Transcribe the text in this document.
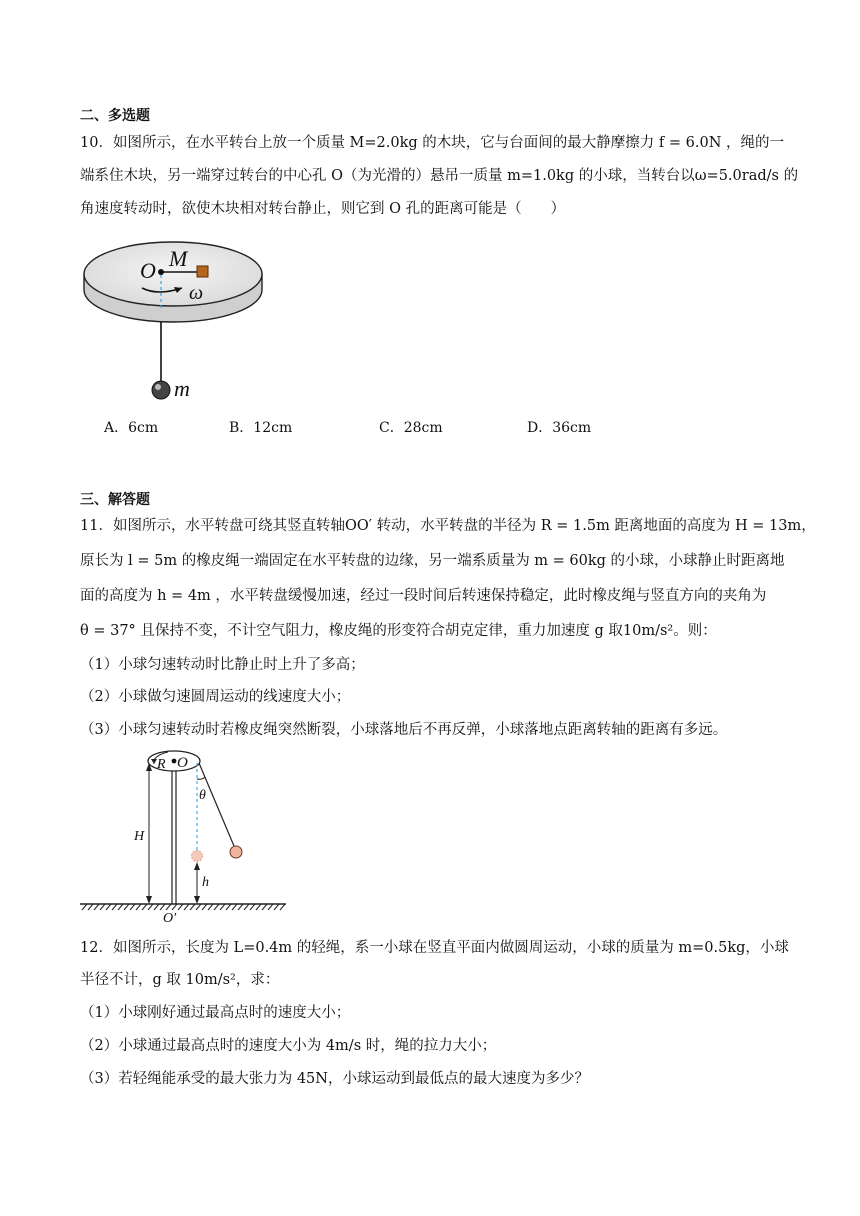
二、多选题
10．如图所示，在水平转台上放一个质量 M=2.0kg 的木块，它与台面间的最大静摩擦力 f = 6.0N ，绳的一
端系住木块，另一端穿过转台的中心孔 O（为光滑的）悬吊一质量 m=1.0kg 的小球，当转台以ω=5.0rad/s 的
角速度转动时，欲使木块相对转台静止，则它到 O 孔的距离可能是（　　）
O M
ω
m
A．6cm	B．12cm	C．28cm	D．36cm
三、解答题
11．如图所示，水平转盘可绕其竖直转轴OO′ 转动，水平转盘的半径为 R = 1.5m 距离地面的高度为 H = 13m，
原长为 l = 5m 的橡皮绳一端固定在水平转盘的边缘，另一端系质量为 m = 60kg 的小球，小球静止时距离地
面的高度为 h = 4m ，水平转盘缓慢加速，经过一段时间后转速保持稳定，此时橡皮绳与竖直方向的夹角为
θ = 37° 且保持不变，不计空气阻力，橡皮绳的形变符合胡克定律，重力加速度 g 取10m/s²。则：
（1）小球匀速转动时比静止时上升了多高；
（2）小球做匀速圆周运动的线速度大小；
（3）小球匀速转动时若橡皮绳突然断裂，小球落地后不再反弹，小球落地点距离转轴的距离有多远。
R O
θ
H
h
O′
12．如图所示，长度为 L=0.4m 的轻绳，系一小球在竖直平面内做圆周运动，小球的质量为 m=0.5kg，小球
半径不计，g 取 10m/s²，求：
（1）小球刚好通过最高点时的速度大小；
（2）小球通过最高点时的速度大小为 4m/s 时，绳的拉力大小；
（3）若轻绳能承受的最大张力为 45N，小球运动到最低点的最大速度为多少？
